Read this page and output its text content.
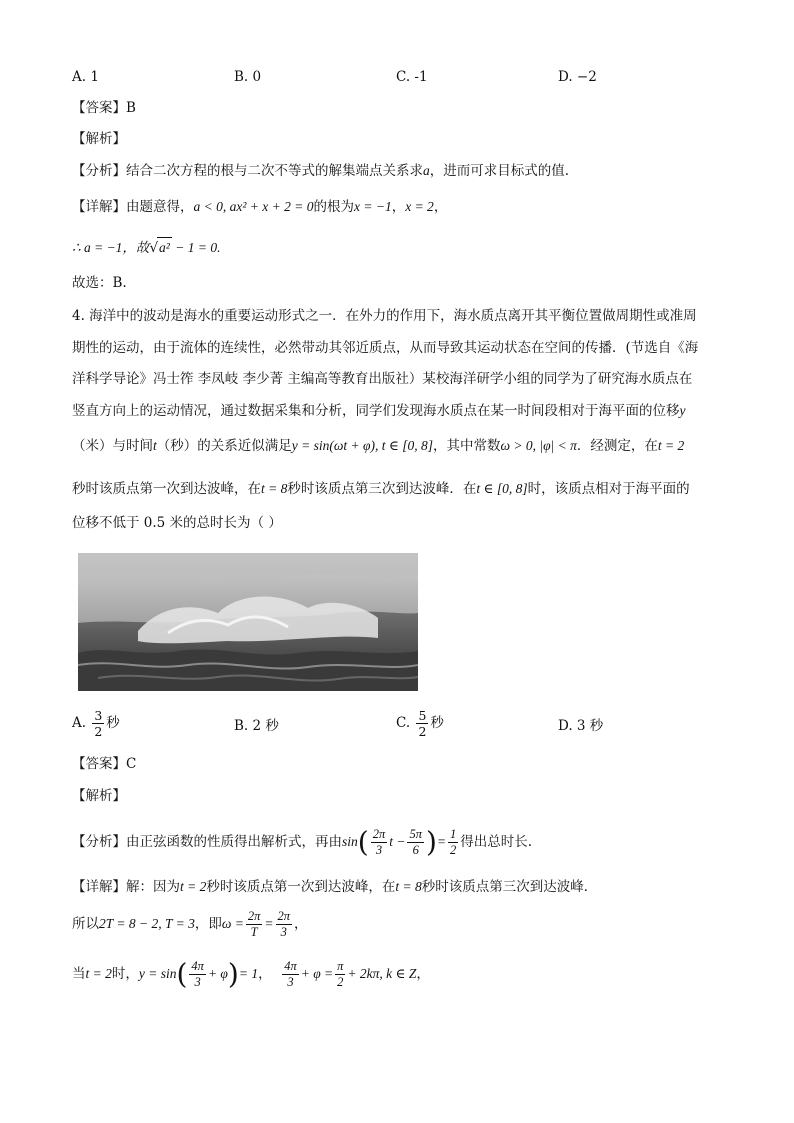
A. 1	B. 0	C. -1	D. −2
【答案】B
【解析】
【分析】结合二次方程的根与二次不等式的解集端点关系求a，进而可求目标式的值.
【详解】由题意得，a < 0, ax² + x + 2 = 0的根为x = −1，x = 2，
∴ a = −1，故√a² − 1 = 0.
故选：B.
4. 海洋中的波动是海水的重要运动形式之一．在外力的作用下，海水质点离开其平衡位置做周期性或准周
期性的运动，由于流体的连续性，必然带动其邻近质点，从而导致其运动状态在空间的传播．(节选自《海
洋科学导论》冯士筰 李凤岐 李少菁 主编高等教育出版社）某校海洋研学小组的同学为了研究海水质点在
竖直方向上的运动情况，通过数据采集和分析，同学们发现海水质点在某一时间段相对于海平面的位移y
（米）与时间t（秒）的关系近似满足y = sin(ωt + φ), t ∈ [0, 8]，其中常数ω > 0, |φ| < π．经测定，在t = 2
秒时该质点第一次到达波峰，在t = 8秒时该质点第三次到达波峰．在t ∈ [0, 8]时，该质点相对于海平面的
位移不低于 0.5 米的总时长为（ ）
A. $\frac{3}{2}$ 秒	B. 2 秒	C. $\frac{5}{2}$ 秒	D. 3 秒
【答案】C
【解析】
【分析】由正弦函数的性质得出解析式，再由$\sin( \frac{2\pi}{3}$ $t - \frac{5\pi}{6}$ )= $\frac{1}{2}$ 得出总时长.
【详解】解：因为t = 2秒时该质点第一次到达波峰，在t = 8秒时该质点第三次到达波峰．
所以2T = 8 − 2, T = 3，即$\omega = \frac{2\pi}{T} = \frac{2\pi}{3}$ ，
当t = 2时，$y = \sin( \frac{4\pi}{3} + \varphi)= 1$， $\frac{4\pi}{3} + \varphi = \frac{\pi}{2} + 2k\pi$, k ∈ Z，
